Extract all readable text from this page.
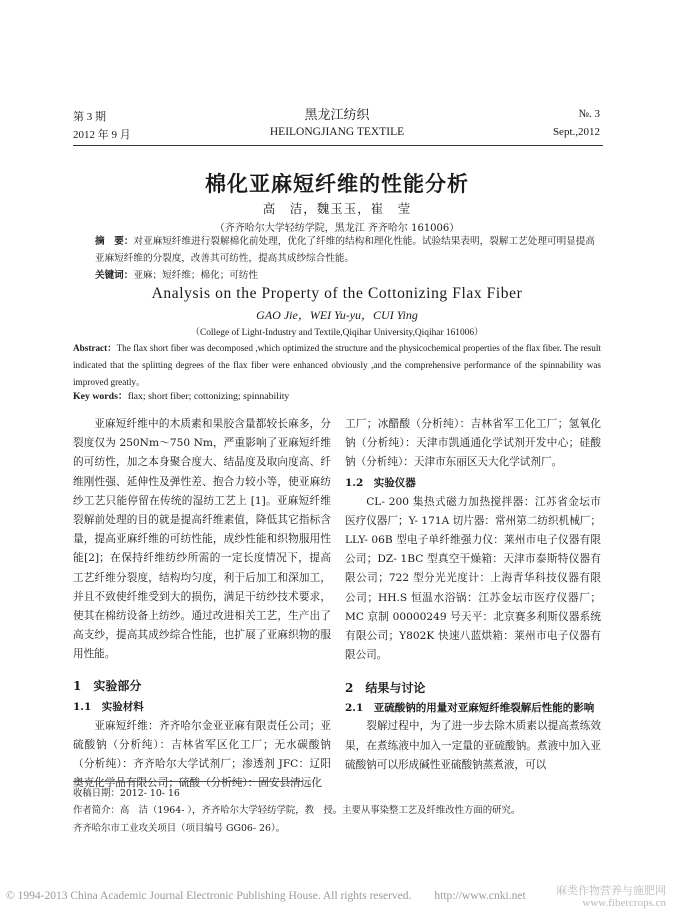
第 3 期
2012 年 9 月
黑龙江纺织
HEILONGJIANG TEXTILE
№. 3
Sept.,2012
棉化亚麻短纤维的性能分析
高　洁，魏玉玉，崔　莹
（齐齐哈尔大学轻纺学院，黑龙江 齐齐哈尔 161006）
摘　要：对亚麻短纤维进行裂解棉化前处理，优化了纤维的结构和理化性能。试验结果表明，裂解工艺处理可明显提高亚麻短纤维的分裂度，改善其可纺性，提高其成纱综合性能。
关键词：亚麻；短纤维；棉化；可纺性
Analysis on the Property of the Cottonizing Flax Fiber
GAO Jie，WEI Yu-yu，CUI Ying
（College of Light-Industry and Textile,Qiqihar University,Qiqihar 161006）
Abstract：The flax short fiber was decomposed ,which optimized the structure and the physicochemical properties of the flax fiber. The result indicated that the splitting degrees of the flax fiber were enhanced obviously ,and the comprehensive performance of the spinnability was improved greatly。
Key words：flax; short fiber; cottonizing; spinnability

亚麻短纤维中的木质素和果胶含量都较长麻多，分裂度仅为 250Nm～750 Nm，严重影响了亚麻短纤维的可纺性，加之本身聚合度大、结晶度及取向度高、纤维刚性强、延伸性及弹性差、抱合力较小等，使亚麻纺纱工艺只能停留在传统的湿纺工艺上 [1]。亚麻短纤维裂解前处理的目的就是提高纤维素值，降低其它指标含量，提高亚麻纤维的可纺性能，成纱性能和织物服用性能[2]；在保持纤维纺纱所需的一定长度情况下，提高工艺纤维分裂度，结构均匀度，利于后加工和深加工，并且不致使纤维受到大的损伤，满足干纺纱技术要求，使其在棉纺设备上纺纱。通过改进相关工艺，生产出了高支纱，提高其成纱综合性能，也扩展了亚麻织物的服用性能。

1　实验部分

1.1　实验材料

亚麻短纤维：齐齐哈尔金亚亚麻有限责任公司；亚硫酸钠（分析纯）：吉林省军区化工厂；无水碳酸钠（分析纯）：齐齐哈尔大学试剂厂；渗透剂 JFC：辽阳奥克化学品有限公司；硫酸（分析纯）：固安县清远化

工厂；冰醋酸（分析纯）：吉林省军工化工厂；氢氧化钠（分析纯）：天津市凯通通化学试剂开发中心；硅酸钠（分析纯）：天津市东丽区天大化学试剂厂。

1.2　实验仪器

CL- 200 集热式磁力加热搅拌器：江苏省金坛市医疗仪器厂；Y- 171A 切片器：常州第二纺织机械厂；LLY- 06B 型电子单纤维强力仪：莱州市电子仪器有限公司；DZ- 1BC 型真空干燥箱：天津市泰斯特仪器有限公司；722 型分光光度计：上海青华科技仪器有限公司；HH.S 恒温水浴锅：江苏金坛市医疗仪器厂；MC 京制 00000249 号天平：北京赛多利斯仪器系统有限公司；Y802K 快速八蓝烘箱：莱州市电子仪器有限公司。

2　结果与讨论

2.1　亚硫酸钠的用量对亚麻短纤维裂解后性能的影响

裂解过程中，为了进一步去除木质素以提高煮练效果，在煮练液中加入一定量的亚硫酸钠。煮液中加入亚硫酸钠可以形成碱性亚硫酸钠蒸煮液，可以

收稿日期：2012- 10- 16
作者简介：高　洁（1964- ），齐齐哈尔大学轻纺学院，教　授。主要从事染整工艺及纤维改性方面的研究。
齐齐哈尔市工业攻关项目（项目编号 GG06- 26）。
© 1994-2013 China Academic Journal Electronic Publishing House. All rights reserved.　　http://www.cnki.net	麻类作物营养与施肥网
www.fibercrops.cn
